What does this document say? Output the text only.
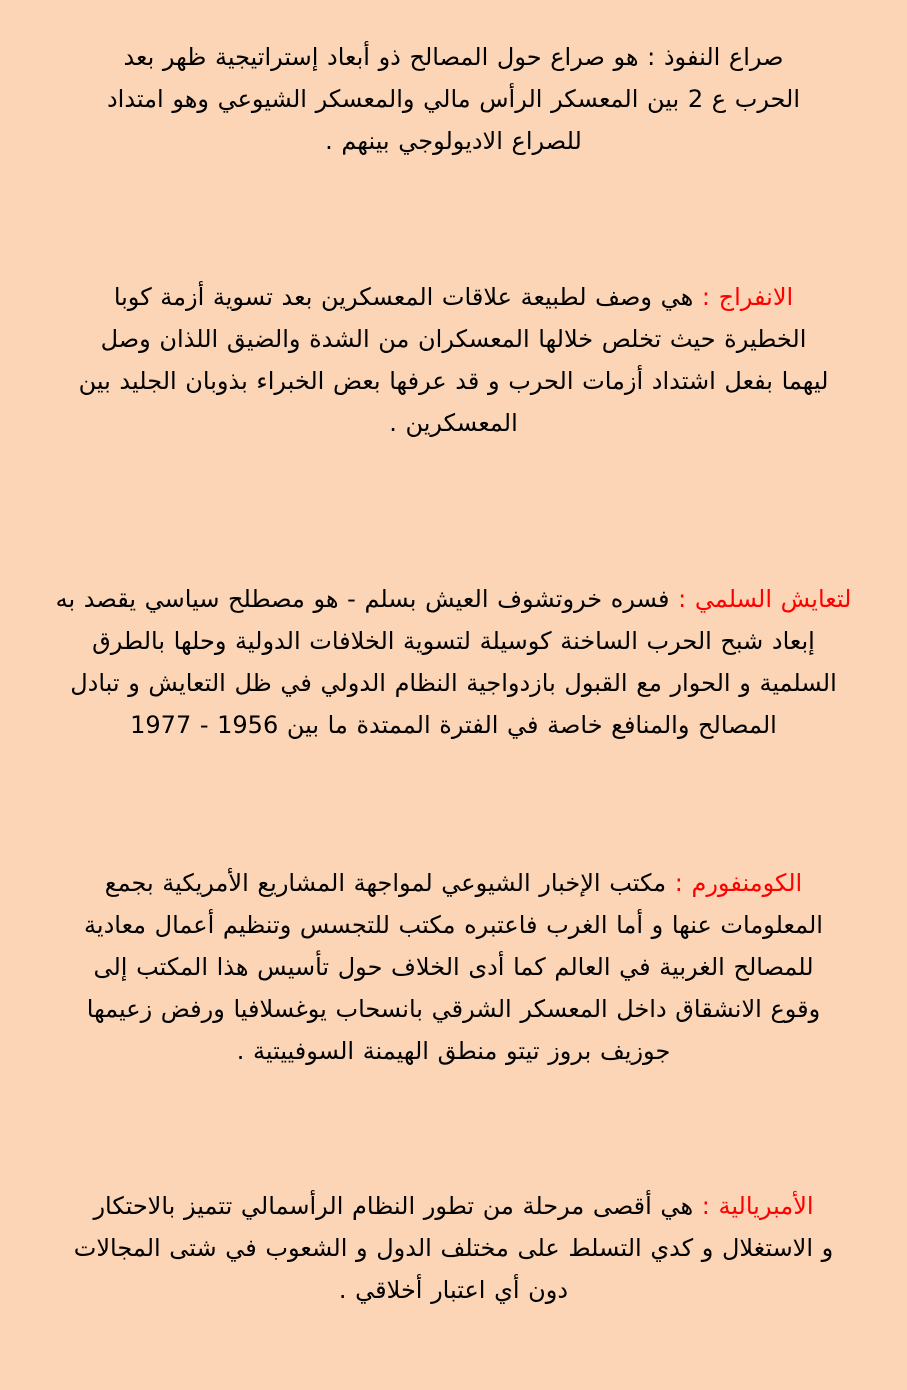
صراع النفوذ : هو صراع حول المصالح ذو أبعاد إستراتيجية ظهر بعد
الحرب ع 2 بين المعسكر الرأس مالي والمعسكر الشيوعي وهو امتداد
للصراع الاديولوجي بينهم .
الانفراج : هي وصف لطبيعة علاقات المعسكرين بعد تسوية أزمة كوبا
الخطيرة حيث تخلص خلالها المعسكران من الشدة والضيق اللذان وصل
ليهما بفعل اشتداد أزمات الحرب و قد عرفها بعض الخبراء بذوبان الجليد بين
المعسكرين .
لتعايش السلمي : فسره خروتشوف العيش بسلم - هو مصطلح سياسي يقصد به
إبعاد شبح الحرب الساخنة كوسيلة لتسوية الخلافات الدولية وحلها بالطرق
السلمية و الحوار مع القبول بازدواجية النظام الدولي في ظل التعايش و تبادل
المصالح والمنافع خاصة في الفترة الممتدة ما بين 1956 - 1977
الكومنفورم : مكتب الإخبار الشيوعي لمواجهة المشاريع الأمريكية بجمع
المعلومات عنها و أما الغرب فاعتبره مكتب للتجسس وتنظيم أعمال معادية
للمصالح الغربية في العالم كما أدى الخلاف حول تأسيس هذا المكتب إلى
وقوع الانشقاق داخل المعسكر الشرقي بانسحاب يوغسلافيا ورفض زعيمها
جوزيف بروز تيتو منطق الهيمنة السوفييتية .
الأمبريالية : هي أقصى مرحلة من تطور النظام الرأسمالي تتميز بالاحتكار
و الاستغلال و كدي التسلط على مختلف الدول و الشعوب في شتى المجالات
دون أي اعتبار أخلاقي .
